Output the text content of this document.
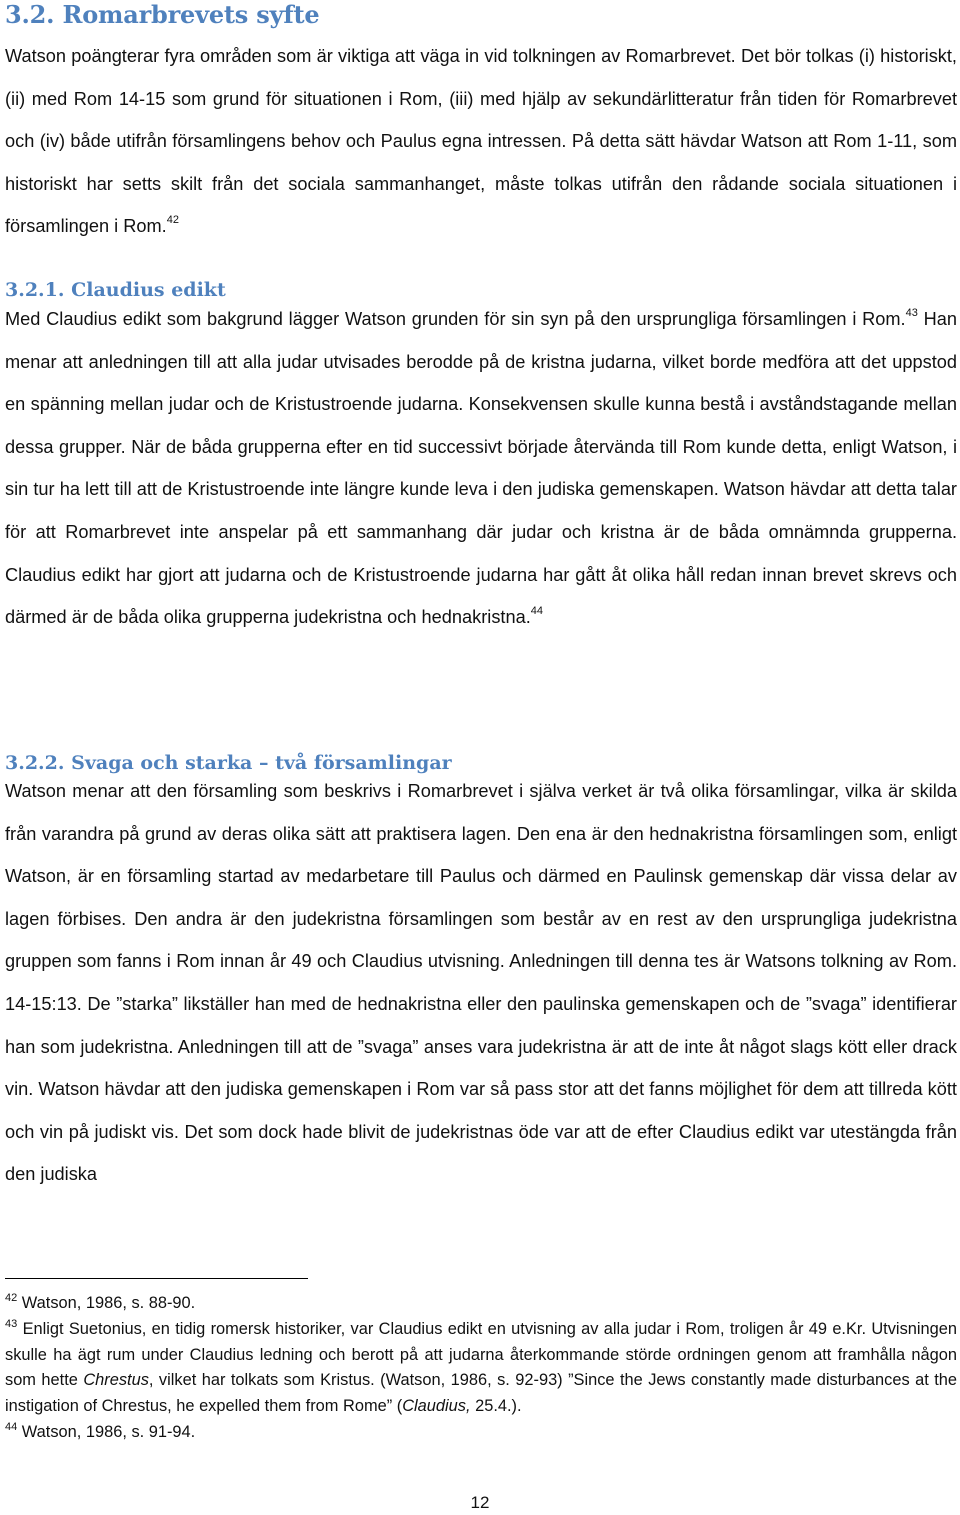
3.2. Romarbrevets syfte

Watson poängterar fyra områden som är viktiga att väga in vid tolkningen av Romarbrevet. Det bör tolkas (i) historiskt, (ii) med Rom 14-15 som grund för situationen i Rom, (iii) med hjälp av sekundärlitteratur från tiden för Romarbrevet och (iv) både utifrån församlingens behov och Paulus egna intressen. På detta sätt hävdar Watson att Rom 1-11, som historiskt har setts skilt från det sociala sammanhanget, måste tolkas utifrån den rådande sociala situationen i församlingen i Rom.$^{42}$

3.2.1. Claudius edikt

Med Claudius edikt som bakgrund lägger Watson grunden för sin syn på den ursprungliga församlingen i Rom.$^{43}$ Han menar att anledningen till att alla judar utvisades berodde på de kristna judarna, vilket borde medföra att det uppstod en spänning mellan judar och de Kristustroende judarna. Konsekvensen skulle kunna bestå i avståndstagande mellan dessa grupper. När de båda grupperna efter en tid successivt började återvända till Rom kunde detta, enligt Watson, i sin tur ha lett till att de Kristustroende inte längre kunde leva i den judiska gemenskapen. Watson hävdar att detta talar för att Romarbrevet inte anspelar på ett sammanhang där judar och kristna är de båda omnämnda grupperna. Claudius edikt har gjort att judarna och de Kristustroende judarna har gått åt olika håll redan innan brevet skrevs och därmed är de båda olika grupperna judekristna och hednakristna.$^{44}$

3.2.2. Svaga och starka – två församlingar

Watson menar att den församling som beskrivs i Romarbrevet i själva verket är två olika församlingar, vilka är skilda från varandra på grund av deras olika sätt att praktisera lagen. Den ena är den hednakristna församlingen som, enligt Watson, är en församling startad av medarbetare till Paulus och därmed en Paulinsk gemenskap där vissa delar av lagen förbises. Den andra är den judekristna församlingen som består av en rest av den ursprungliga judekristna gruppen som fanns i Rom innan år 49 och Claudius utvisning. Anledningen till denna tes är Watsons tolkning av Rom. 14-15:13. De ”starka” likställer han med de hednakristna eller den paulinska gemenskapen och de ”svaga” identifierar han som judekristna. Anledningen till att de ”svaga” anses vara judekristna är att de inte åt något slags kött eller drack vin. Watson hävdar att den judiska gemenskapen i Rom var så pass stor att det fanns möjlighet för dem att tillreda kött och vin på judiskt vis. Det som dock hade blivit de judekristnas öde var att de efter Claudius edikt var utestängda från den judiska

$^{42}$ Watson, 1986, s. 88-90.

$^{43}$ Enligt Suetonius, en tidig romersk historiker, var Claudius edikt en utvisning av alla judar i Rom, troligen år 49 e.Kr. Utvisningen skulle ha ägt rum under Claudius ledning och berott på att judarna återkommande störde ordningen genom att framhålla någon som hette Chrestus, vilket har tolkats som Kristus. (Watson, 1986, s. 92-93) ”Since the Jews constantly made disturbances at the instigation of Chrestus, he expelled them from Rome” (Claudius, 25.4.).

$^{44}$ Watson, 1986, s. 91-94.

12
